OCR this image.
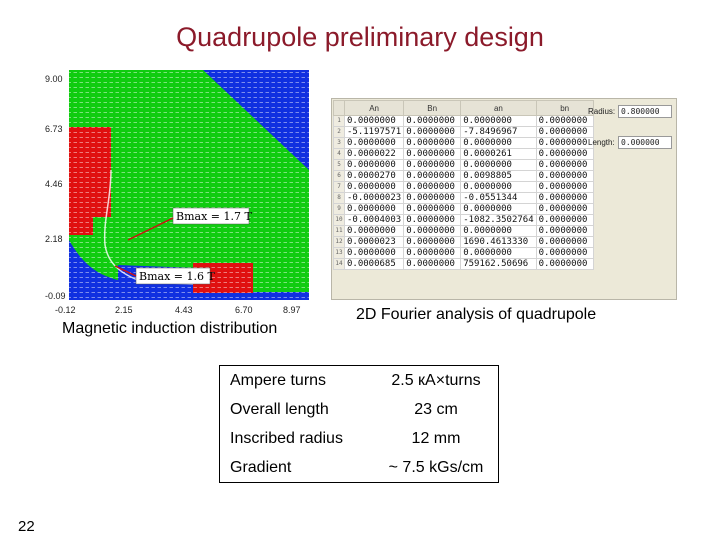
Quadrupole preliminary design
Bmax = 1.7 T
Bmax = 1.6 T
9.00
6.73
4.46
2.18
-0.09
-0.12	2.15	4.43	6.70	8.97
Magnetic induction distribution
	An	Bn	an	bn
1	0.0000000	0.0000000	0.0000000	0.0000000
2	-5.1197571	0.0000000	-7.8496967	0.0000000
3	0.0000000	0.0000000	0.0000000	0.0000000
4	0.0000022	0.0000000	0.0000261	0.0000000
5	0.0000000	0.0000000	0.0000000	0.0000000
6	0.0000270	0.0000000	0.0098805	0.0000000
7	0.0000000	0.0000000	0.0000000	0.0000000
8	-0.0000023	0.0000000	-0.0551344	0.0000000
9	0.0000000	0.0000000	0.0000000	0.0000000
10	-0.0004003	0.0000000	-1082.3502764	0.0000000
11	0.0000000	0.0000000	0.0000000	0.0000000
12	0.0000023	0.0000000	1690.4613330	0.0000000
13	0.0000000	0.0000000	0.0000000	0.0000000
14	0.0000685	0.0000000	759162.50696	0.0000000
Radius: 0.800000
Length: 0.000000
2D Fourier analysis of quadrupole
Ampere turns	2.5 кA×turns
Overall length	23 cm
Inscribed radius	12 mm
Gradient	~ 7.5 kGs/cm
22
